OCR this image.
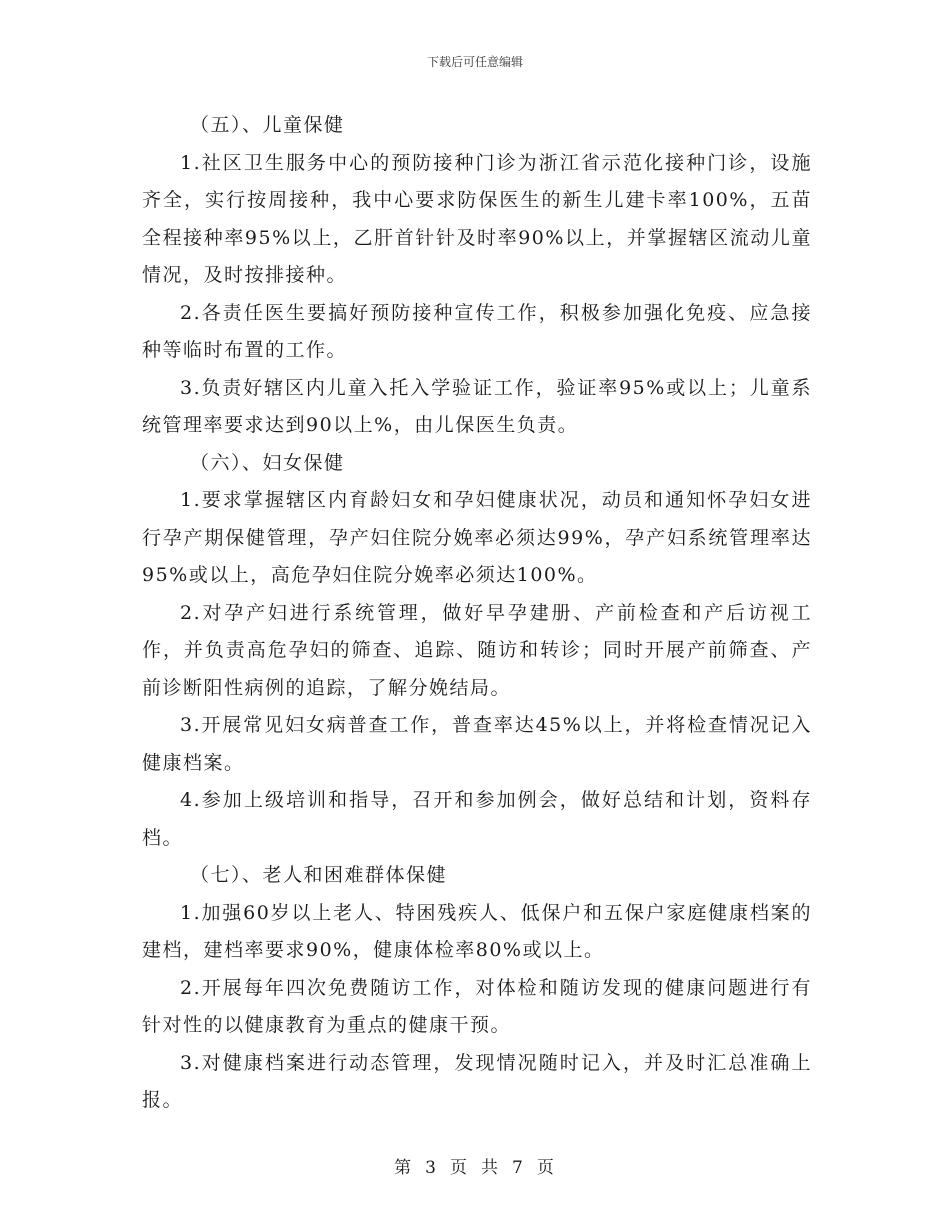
下载后可任意编辑

（五）、儿童保健

1.社区卫生服务中心的预防接种门诊为浙江省示范化接种门诊，设施齐全，实行按周接种，我中心要求防保医生的新生儿建卡率100%，五苗全程接种率95%以上，乙肝首针针及时率90%以上，并掌握辖区流动儿童情况，及时按排接种。

2.各责任医生要搞好预防接种宣传工作，积极参加强化免疫、应急接种等临时布置的工作。

3.负责好辖区内儿童入托入学验证工作，验证率95%或以上；儿童系统管理率要求达到90以上%，由儿保医生负责。

（六）、妇女保健

1.要求掌握辖区内育龄妇女和孕妇健康状况，动员和通知怀孕妇女进行孕产期保健管理，孕产妇住院分娩率必须达99%，孕产妇系统管理率达95%或以上，高危孕妇住院分娩率必须达100%。

2.对孕产妇进行系统管理，做好早孕建册、产前检查和产后访视工作，并负责高危孕妇的筛查、追踪、随访和转诊；同时开展产前筛查、产前诊断阳性病例的追踪，了解分娩结局。

3.开展常见妇女病普查工作，普查率达45%以上，并将检查情况记入健康档案。

4.参加上级培训和指导，召开和参加例会，做好总结和计划，资料存档。

（七）、老人和困难群体保健

1.加强60岁以上老人、特困残疾人、低保户和五保户家庭健康档案的建档，建档率要求90%，健康体检率80%或以上。

2.开展每年四次免费随访工作，对体检和随访发现的健康问题进行有针对性的以健康教育为重点的健康干预。

3.对健康档案进行动态管理，发现情况随时记入，并及时汇总准确上报。

第 3 页 共 7 页
